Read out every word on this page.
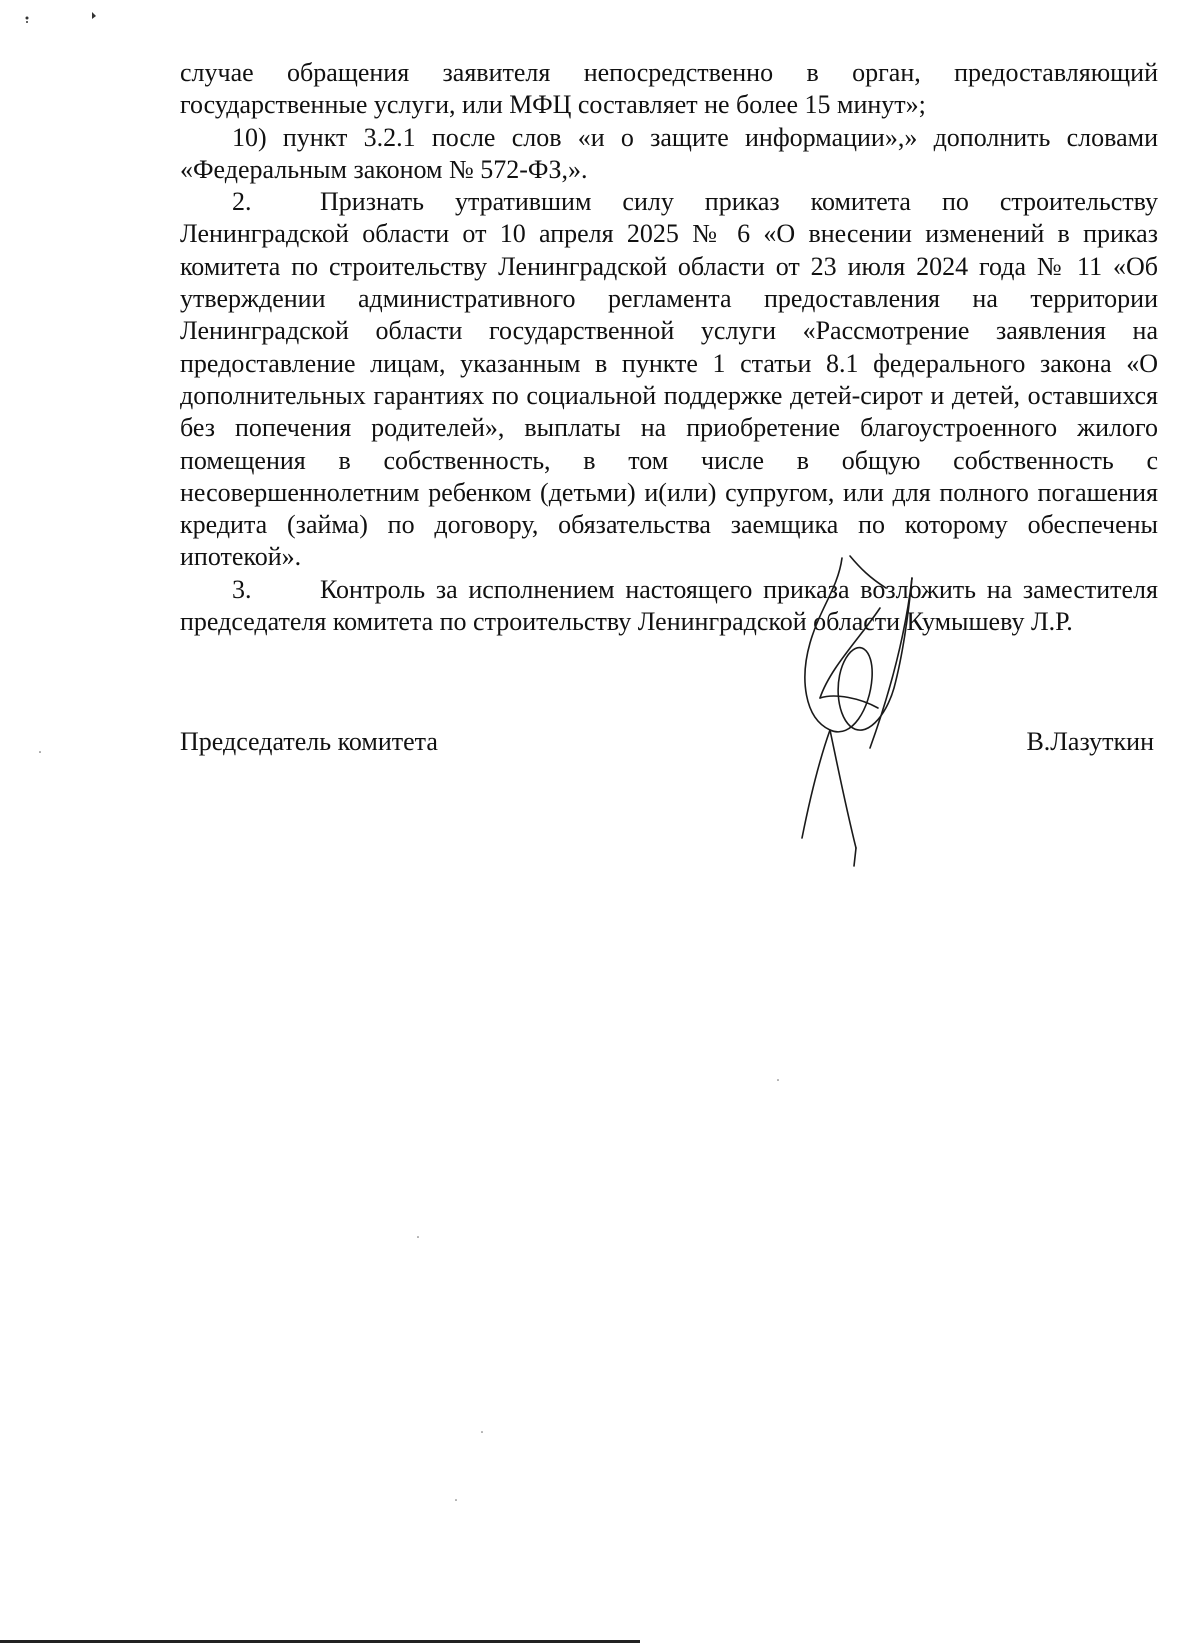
случае обращения заявителя непосредственно в орган, предоставляющий государственные услуги, или МФЦ составляет не более 15 минут»;

10) пункт 3.2.1 после слов «и о защите информации»,» дополнить словами «Федеральным законом № 572-ФЗ,».

2.	Признать утратившим силу приказ комитета по строительству Ленинградской области от 10 апреля 2025 № 6 «О внесении изменений в приказ комитета по строительству Ленинградской области от 23 июля 2024 года № 11 «Об утверждении административного регламента предоставления на территории Ленинградской области государственной услуги «Рассмотрение заявления на предоставление лицам, указанным в пункте 1 статьи 8.1 федерального закона «О дополнительных гарантиях по социальной поддержке детей-сирот и детей, оставшихся без попечения родителей», выплаты на приобретение благоустроенного жилого помещения в собственность, в том числе в общую собственность с несовершеннолетним ребенком (детьми) и(или) супругом, или для полного погашения кредита (займа) по договору, обязательства заемщика по которому обеспечены ипотекой».

3.	Контроль за исполнением настоящего приказа возложить на заместителя председателя комитета по строительству Ленинградской области Кумышеву Л.Р.

Председатель комитета	В.Лазуткин
